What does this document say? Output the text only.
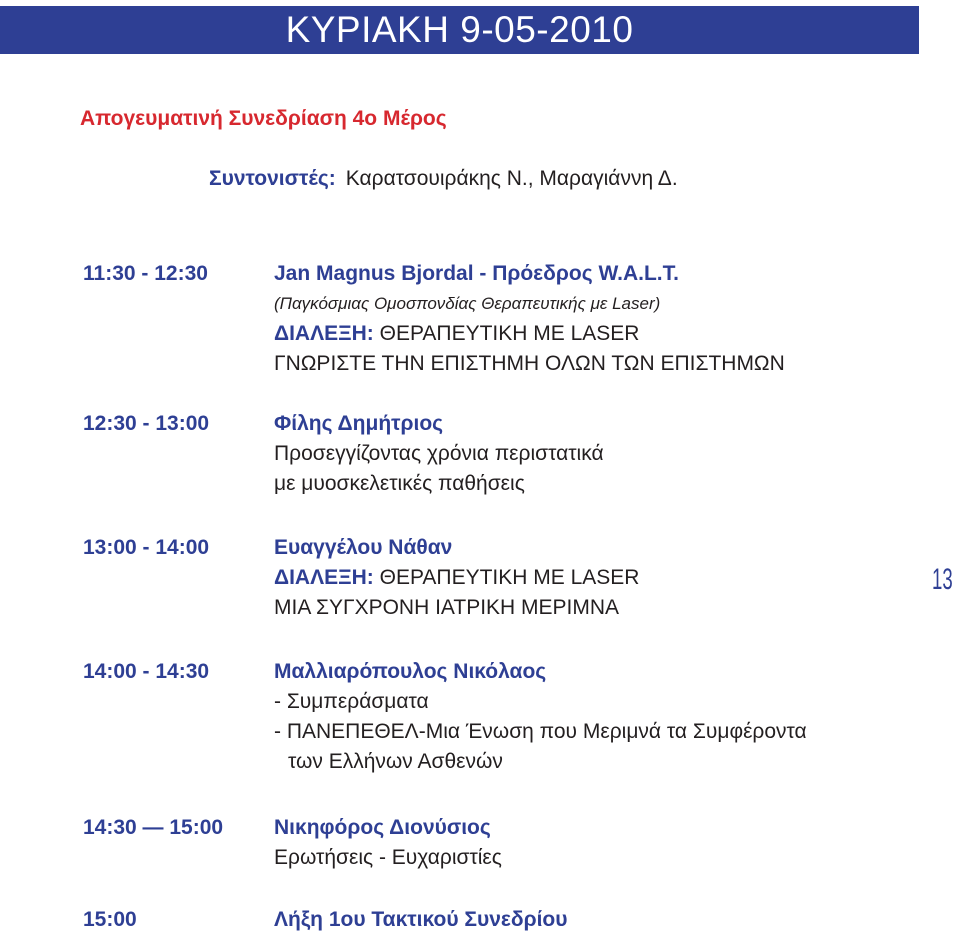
ΚΥΡΙΑΚΗ 9-05-2010
Απογευματινή Συνεδρίαση 4ο Μέρος
Συντονιστές: Καρατσουιράκης Ν., Μαραγιάννη Δ.
11:30 - 12:30	Jan Magnus Bjordal - Πρόεδρος W.A.L.T.
(Παγκόσμιας Ομοσπονδίας Θεραπευτικής με Laser)
ΔΙΑΛΕΞΗ: ΘΕΡΑΠΕΥΤΙΚΗ ΜΕ LASER
ΓΝΩΡΙΣΤΕ ΤΗΝ ΕΠΙΣΤΗΜΗ ΟΛΩΝ ΤΩΝ ΕΠΙΣΤΗΜΩΝ
12:30 - 13:00	Φίλης Δημήτριος
Προσεγγίζοντας χρόνια περιστατικά
με μυοσκελετικές παθήσεις
13:00 - 14:00	Ευαγγέλου Νάθαν
ΔΙΑΛΕΞΗ: ΘΕΡΑΠΕΥΤΙΚΗ ΜΕ LASER
ΜΙΑ ΣΥΓΧΡΟΝΗ ΙΑΤΡΙΚΗ ΜΕΡΙΜΝΑ
14:00 - 14:30	Μαλλιαρόπουλος Νικόλαος
- Συμπεράσματα
- ΠΑΝΕΠΕΘΕΛ-Μια Ένωση που Μεριμνά τα Συμφέροντα
των Ελλήνων Ασθενών
14:30 — 15:00	Νικηφόρος Διονύσιος
Ερωτήσεις - Ευχαριστίες
15:00	Λήξη 1ου Τακτικού Συνεδρίου
13
